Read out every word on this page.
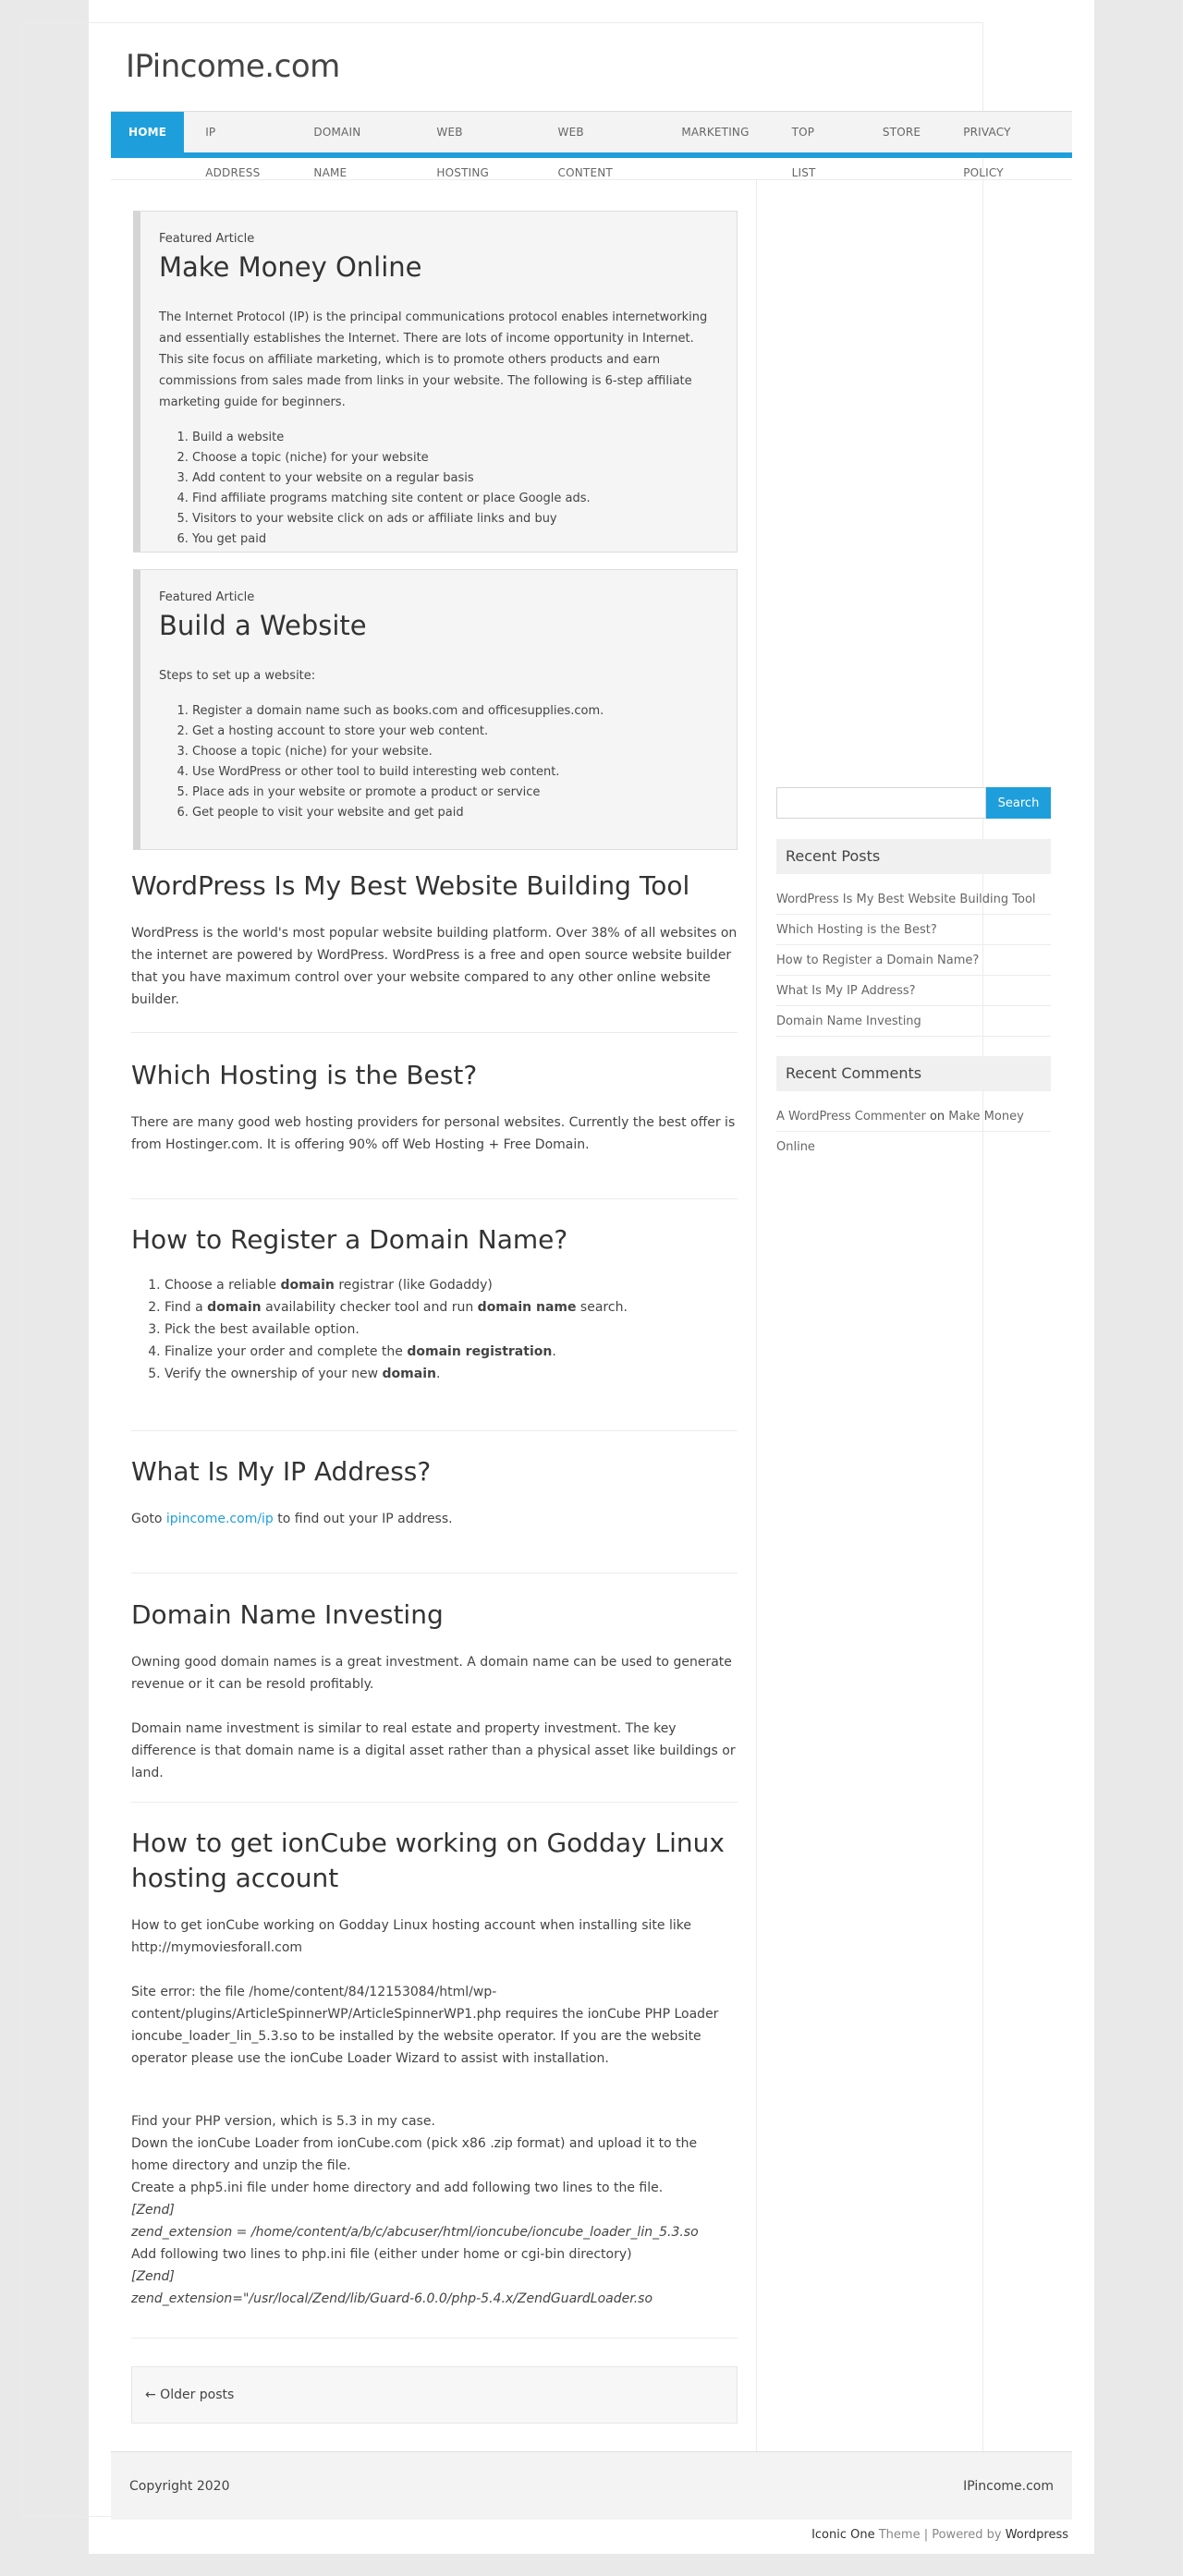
IPincome.com
HOME	IP ADDRESS
DOMAIN NAME
WEB HOSTING
WEB CONTENT
MARKETING	TOP LIST
STORE	PRIVACY POLICY
Featured Article
Make Money Online

The Internet Protocol (IP) is the principal communications protocol enables internetworking and essentially establishes the Internet. There are lots of income opportunity in Internet. This site focus on affiliate marketing, which is to promote others products and earn commissions from sales made from links in your website. The following is 6-step affiliate marketing guide for beginners.

1. Build a website
2. Choose a topic (niche) for your website
3. Add content to your website on a regular basis
4. Find affiliate programs matching site content or place Google ads.
5. Visitors to your website click on ads or affiliate links and buy
6. You get paid
Featured Article
Build a Website

Steps to set up a website:

1. Register a domain name such as books.com and officesupplies.com.
2. Get a hosting account to store your web content.
3. Choose a topic (niche) for your website.
4. Use WordPress or other tool to build interesting web content.
5. Place ads in your website or promote a product or service
6. Get people to visit your website and get paid
WordPress Is My Best Website Building Tool

WordPress is the world's most popular website building platform. Over 38% of all websites on the internet are powered by WordPress. WordPress is a free and open source website builder that you have maximum control over your website compared to any other online website builder.

Which Hosting is the Best?

There are many good web hosting providers for personal websites. Currently the best offer is from Hostinger.com. It is offering 90% off Web Hosting + Free Domain.

How to Register a Domain Name?
1. Choose a reliable domain registrar (like Godaddy)
2. Find a domain availability checker tool and run domain name search.
3. Pick the best available option.
4. Finalize your order and complete the domain registration.
5. Verify the ownership of your new domain.
What Is My IP Address?

Goto ipincome.com/ip to find out your IP address.

Domain Name Investing

Owning good domain names is a great investment. A domain name can be used to generate revenue or it can be resold profitably.

Domain name investment is similar to real estate and property investment. The key difference is that domain name is a digital asset rather than a physical asset like buildings or land.

How to get ionCube working on Godday Linux hosting account

How to get ionCube working on Godday Linux hosting account when installing site like http://mymoviesforall.com

Site error: the file /home/content/84/12153084/html/wp-content/plugins/ArticleSpinnerWP/ArticleSpinnerWP1.php requires the ionCube PHP Loader ioncube_loader_lin_5.3.so to be installed by the website operator. If you are the website operator please use the ionCube Loader Wizard to assist with installation.

Find your PHP version, which is 5.3 in my case.

Down the ionCube Loader from ionCube.com (pick x86 .zip format) and upload it to the home directory and unzip the file.

Create a php5.ini file under home directory and add following two lines to the file.

[Zend]

zend_extension = /home/content/a/b/c/abcuser/html/ioncube/ioncube_loader_lin_5.3.so

Add following two lines to php.ini file (either under home or cgi-bin directory)

[Zend]

zend_extension="/usr/local/Zend/lib/Guard-6.0.0/php-5.4.x/ZendGuardLoader.so

← Older posts
Search
Recent Posts
WordPress Is My Best Website Building Tool
Which Hosting is the Best?
How to Register a Domain Name?
What Is My IP Address?
Domain Name Investing
Recent Comments
A WordPress Commenter on Make Money Online
Copyright 2020	IPincome.com
Iconic One Theme | Powered by Wordpress
